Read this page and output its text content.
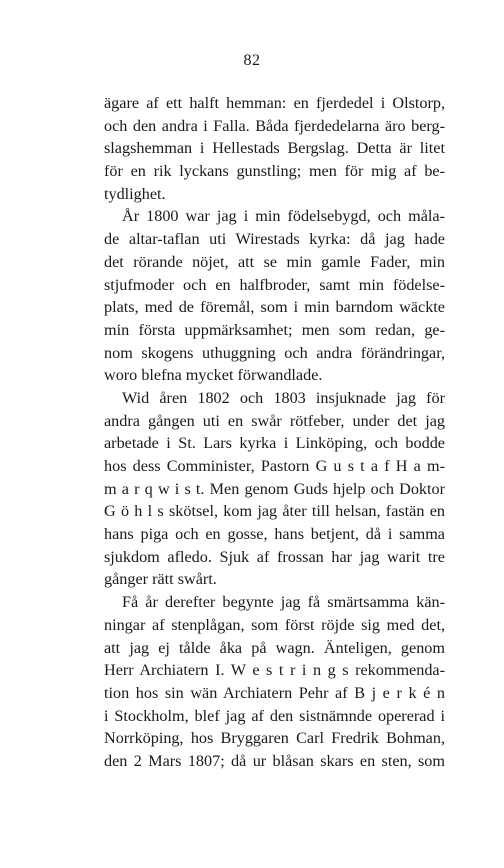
82
ägare af ett halft hemman: en fjerdedel i Olstorp,
och den andra i Falla. Båda fjerdedelarna äro berg-
slagshemman i Hellestads Bergslag. Detta är litet
för en rik lyckans gunstling; men för mig af be-
tydlighet.
År 1800 war jag i min födelsebygd, och måla-
de altar-taflan uti Wirestads kyrka: då jag hade
det rörande nöjet, att se min gamle Fader, min
stjufmoder och en halfbroder, samt min födelse-
plats, med de föremål, som i min barndom wäckte
min första uppmärksamhet; men som redan, ge-
nom skogens uthuggning och andra förändringar,
woro blefna mycket förwandlade.
Wid åren 1802 och 1803 insjuknade jag för
andra gången uti en swår rötfeber, under det jag
arbetade i St. Lars kyrka i Linköping, och bodde
hos dess Comminister, Pastorn G u s t a f H a m-
m a r q w i s t. Men genom Guds hjelp och Doktor
G ö h l s skötsel, kom jag åter till helsan, fastän en
hans piga och en gosse, hans betjent, då i samma
sjukdom afledo. Sjuk af frossan har jag warit tre
gånger rätt swårt.
Få år derefter begynte jag få smärtsamma kän-
ningar af stenplågan, som först röjde sig med det,
att jag ej tålde åka på wagn. Änteligen, genom
Herr Archiatern I. W e s t r i n g s rekommenda-
tion hos sin wän Archiatern Pehr af B j e r k é n
i Stockholm, blef jag af den sistnämnde opererad i
Norrköping, hos Bryggaren Carl Fredrik Bohman,
den 2 Mars 1807; då ur blåsan skars en sten, som
